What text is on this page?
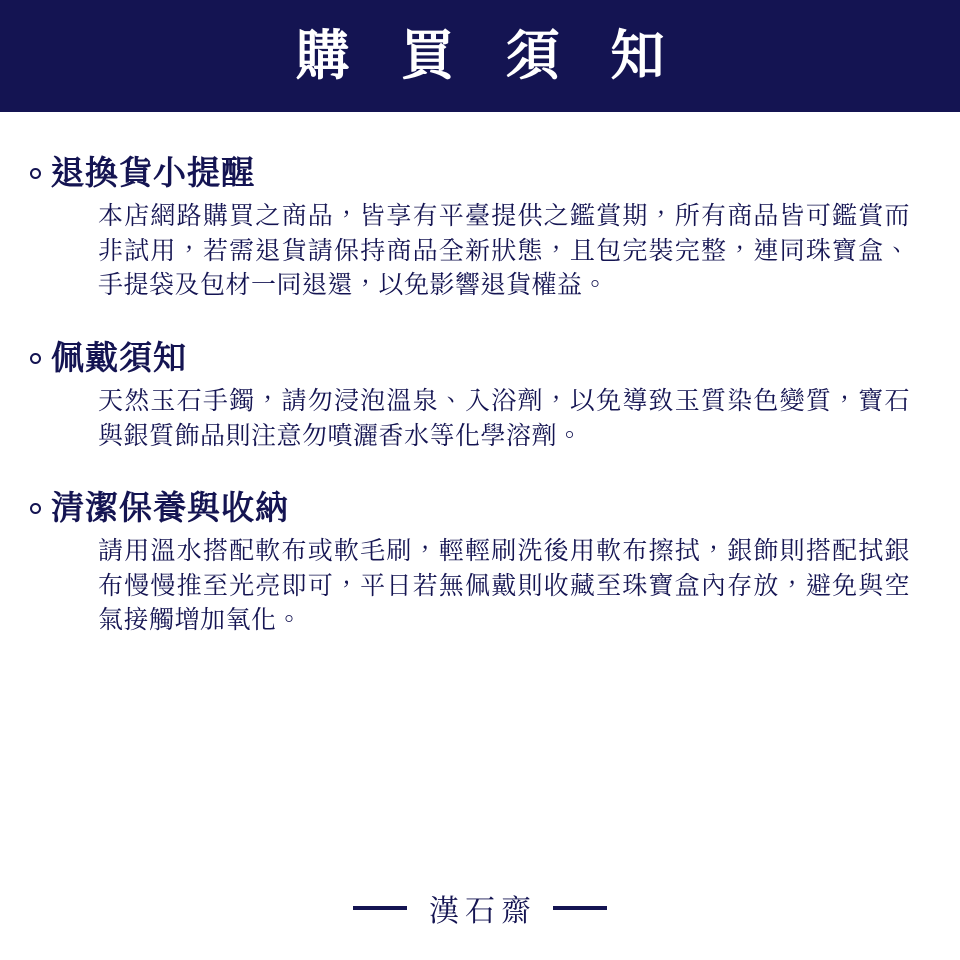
購 買 須 知
退換貨小提醒
本店網路購買之商品，皆享有平臺提供之鑑賞期，所有商品皆可鑑賞而非試用，若需退貨請保持商品全新狀態，且包完裝完整，連同珠寶盒、手提袋及包材一同退還，以免影響退貨權益。
佩戴須知
天然玉石手鐲，請勿浸泡溫泉、入浴劑，以免導致玉質染色變質，寶石與銀質飾品則注意勿噴灑香水等化學溶劑。
清潔保養與收納
請用溫水搭配軟布或軟毛刷，輕輕刷洗後用軟布擦拭，銀飾則搭配拭銀布慢慢推至光亮即可，平日若無佩戴則收藏至珠寶盒內存放，避免與空氣接觸增加氧化。
漢石齋
